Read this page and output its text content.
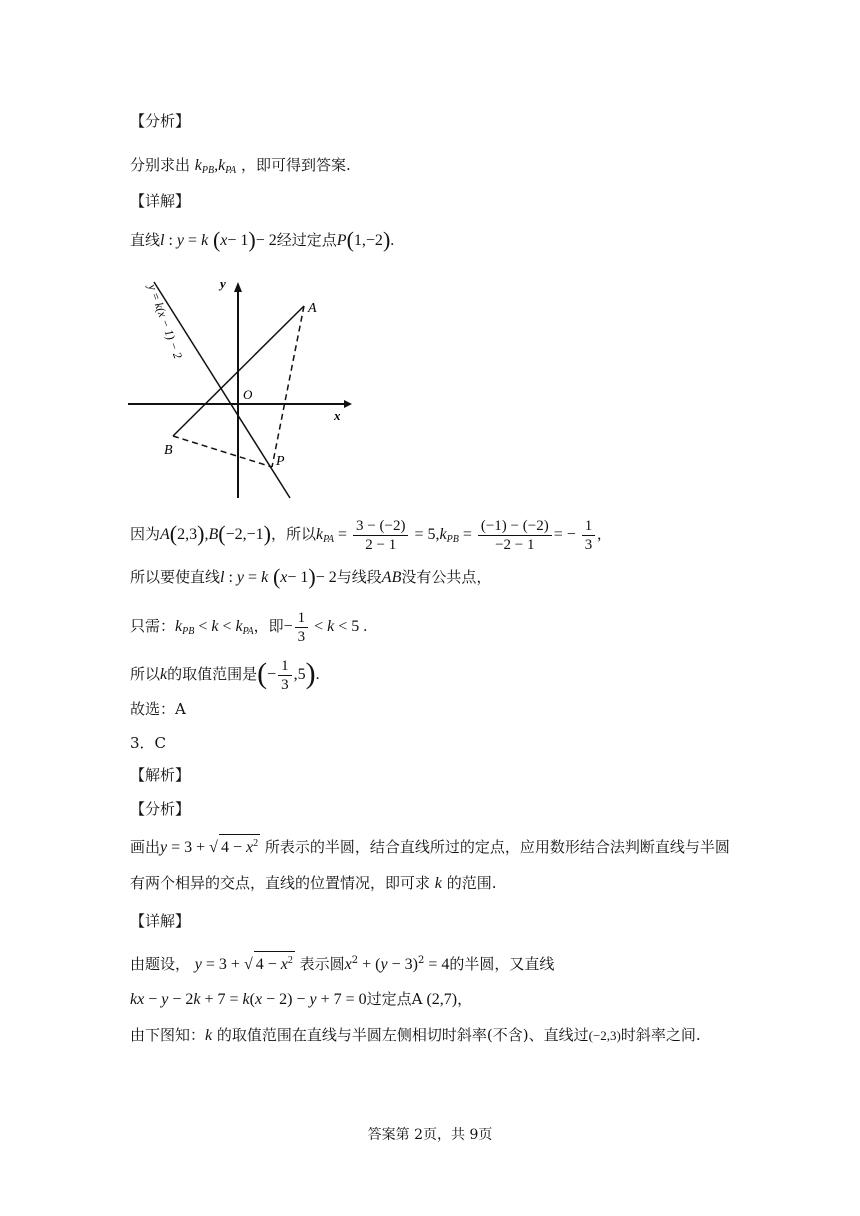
【分析】
分别求出 $k_{PB},k_{PA}$ ，即可得到答案.
【详解】
直线l : y = k (x− 1)− 2经过定点P(1,−2).
y
x
O
A
B
P
y = k(x − 1) − 2
因为A(2,3),B(−2,−1)，所以$k_{PA} = \frac{3 - (-2)}{2 - 1} = 5,k_{PB} = \frac{(-1) - (-2)}{-2 - 1}$ = − $\frac{1}{3}$ ,
所以要使直线l : y = k (x− 1)− 2与线段AB没有公共点，
只需：$k_{PB} < k < k_{PA}$，即− $\frac{1}{3} < k < 5$ .
所以k的取值范围是(− $\frac{1}{3} ,5$).
故选：A
3．C
【解析】
【分析】
画出y = 3 + √ $4 - x^2$ 所表示的半圆，结合直线所过的定点，应用数形结合法判断直线与半圆
有两个相异的交点，直线的位置情况，即可求 k 的范围.
【详解】
由题设， y = 3 + √ $4 - x^2$ 表示圆$x^2 + (y - 3)^2 = 4$的半圆，又直线
kx − y − 2k + 7 = k(x − 2) − y + 7 = 0过定点A (2,7)，
由下图知：k 的取值范围在直线与半圆左侧相切时斜率(不含)、直线过(−2,3)时斜率之间.
答案第 2页，共 9页
